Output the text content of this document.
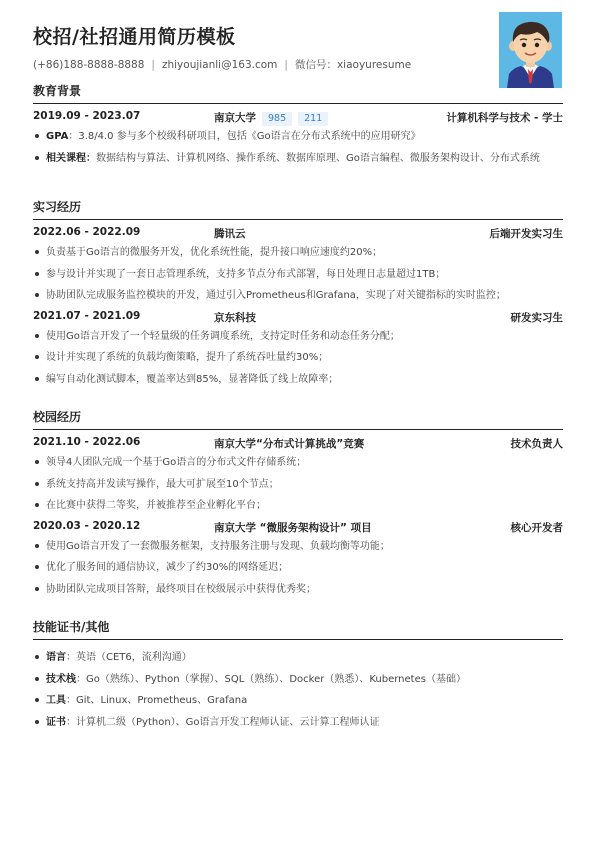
校招/社招通用简历模板
(+86)188-8888-8888 | zhiyoujianli@163.com | 微信号：xiaoyuresume
教育背景
2019.09 - 2023.07	南京大学 985 211	计算机科学与技术 - 学士
GPA：3.8/4.0 参与多个校级科研项目，包括《Go语言在分布式系统中的应用研究》
相关课程：数据结构与算法、计算机网络、操作系统、数据库原理、Go语言编程、微服务架构设计、分布式系统
实习经历
2022.06 - 2022.09	腾讯云	后端开发实习生
负责基于Go语言的微服务开发，优化系统性能，提升接口响应速度约20%；
参与设计并实现了一套日志管理系统，支持多节点分布式部署，每日处理日志量超过1TB；
协助团队完成服务监控模块的开发，通过引入Prometheus和Grafana，实现了对关键指标的实时监控；
2021.07 - 2021.09	京东科技	研发实习生
使用Go语言开发了一个轻量级的任务调度系统，支持定时任务和动态任务分配；
设计并实现了系统的负载均衡策略，提升了系统吞吐量约30%；
编写自动化测试脚本，覆盖率达到85%，显著降低了线上故障率；
校园经历
2021.10 - 2022.06	南京大学“分布式计算挑战”竞赛	技术负责人
领导4人团队完成一个基于Go语言的分布式文件存储系统；
系统支持高并发读写操作，最大可扩展至10个节点；
在比赛中获得二等奖，并被推荐至企业孵化平台；
2020.03 - 2020.12	南京大学 “微服务架构设计” 项目	核心开发者
使用Go语言开发了一套微服务框架，支持服务注册与发现、负载均衡等功能；
优化了服务间的通信协议，减少了约30%的网络延迟；
协助团队完成项目答辩，最终项目在校级展示中获得优秀奖；
技能证书/其他
语言：英语（CET6，流利沟通）
技术栈：Go（熟练）、Python（掌握）、SQL（熟练）、Docker（熟悉）、Kubernetes（基础）
工具：Git、Linux、Prometheus、Grafana
证书：计算机二级（Python）、Go语言开发工程师认证、云计算工程师认证
